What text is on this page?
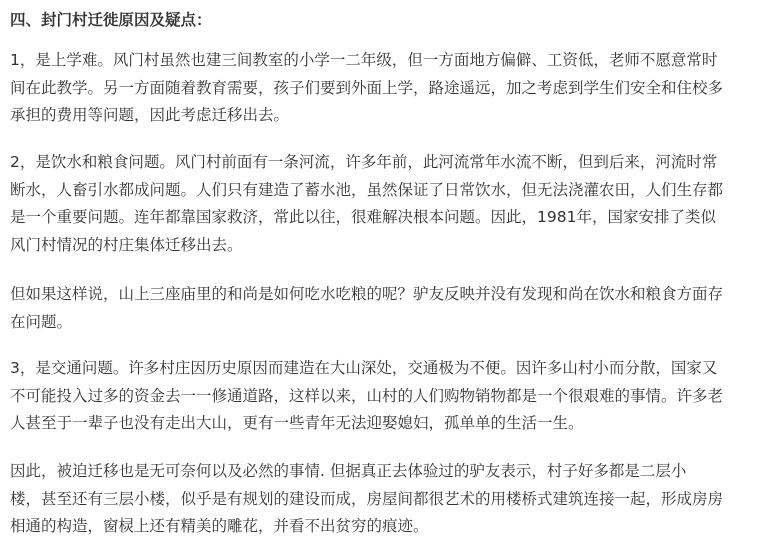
四、封门村迁徙原因及疑点：

1，是上学难。风门村虽然也建三间教室的小学一二年级，但一方面地方偏僻、工资低，老师不愿意常时
间在此教学。另一方面随着教育需要，孩子们要到外面上学，路途遥远，加之考虑到学生们安全和住校多
承担的费用等问题，因此考虑迁移出去。

2，是饮水和粮食问题。风门村前面有一条河流，许多年前，此河流常年水流不断，但到后来，河流时常
断水，人畜引水都成问题。人们只有建造了蓄水池，虽然保证了日常饮水，但无法浇灌农田，人们生存都
是一个重要问题。连年都靠国家救济，常此以往，很难解决根本问题。因此，1981年，国家安排了类似
风门村情况的村庄集体迁移出去。

但如果这样说，山上三座庙里的和尚是如何吃水吃粮的呢？驴友反映并没有发现和尚在饮水和粮食方面存
在问题。

3，是交通问题。许多村庄因历史原因而建造在大山深处，交通极为不便。因许多山村小而分散，国家又
不可能投入过多的资金去一一修通道路，这样以来，山村的人们购物销物都是一个很艰难的事情。许多老
人甚至于一辈子也没有走出大山，更有一些青年无法迎娶媳妇，孤单单的生活一生。

因此，被迫迁移也是无可奈何以及必然的事情. 但据真正去体验过的驴友表示，村子好多都是二层小
楼，甚至还有三层小楼，似乎是有规划的建设而成，房屋间都很艺术的用楼桥式建筑连接一起，形成房房
相通的构造，窗棂上还有精美的雕花，并看不出贫穷的痕迹。
